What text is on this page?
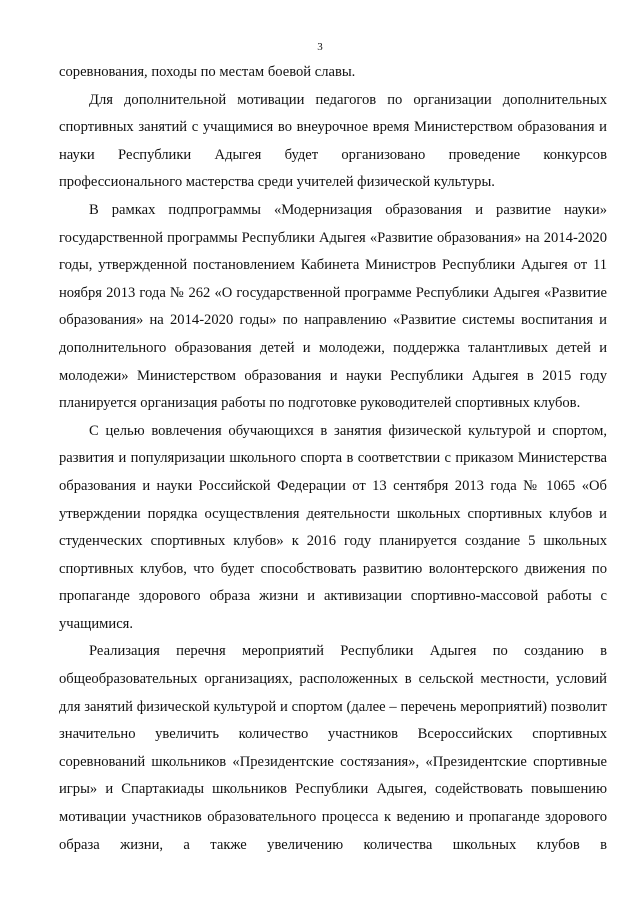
3

соревнования, походы по местам боевой славы.

Для дополнительной мотивации педагогов по организации дополнительных спортивных занятий с учащимися во внеурочное время Министерством образования и науки Республики Адыгея будет организовано проведение конкурсов профессионального мастерства среди учителей физической культуры.

В рамках подпрограммы «Модернизация образования и развитие науки» государственной программы Республики Адыгея «Развитие образования» на 2014-2020 годы, утвержденной постановлением Кабинета Министров Республики Адыгея от 11 ноября 2013 года № 262 «О государственной программе Республики Адыгея «Развитие образования» на 2014-2020 годы» по направлению «Развитие системы воспитания и дополнительного образования детей и молодежи, поддержка талантливых детей и молодежи» Министерством образования и науки Республики Адыгея в 2015 году планируется организация работы по подготовке руководителей спортивных клубов.

С целью вовлечения обучающихся в занятия физической культурой и спортом, развития и популяризации школьного спорта в соответствии с приказом Министерства образования и науки Российской Федерации от 13 сентября 2013 года № 1065 «Об утверждении порядка осуществления деятельности школьных спортивных клубов и студенческих спортивных клубов» к 2016 году планируется создание 5 школьных спортивных клубов, что будет способствовать развитию волонтерского движения по пропаганде здорового образа жизни и активизации спортивно-массовой работы с учащимися.

Реализация перечня мероприятий Республики Адыгея по созданию в общеобразовательных организациях, расположенных в сельской местности, условий для занятий физической культурой и спортом (далее – перечень мероприятий) позволит значительно увеличить количество участников Всероссийских спортивных соревнований школьников «Президентские состязания», «Президентские спортивные игры» и Спартакиады школьников Республики Адыгея, содействовать повышению мотивации участников образовательного процесса к ведению и пропаганде здорового образа жизни, а также увеличению количества школьных клубов в
